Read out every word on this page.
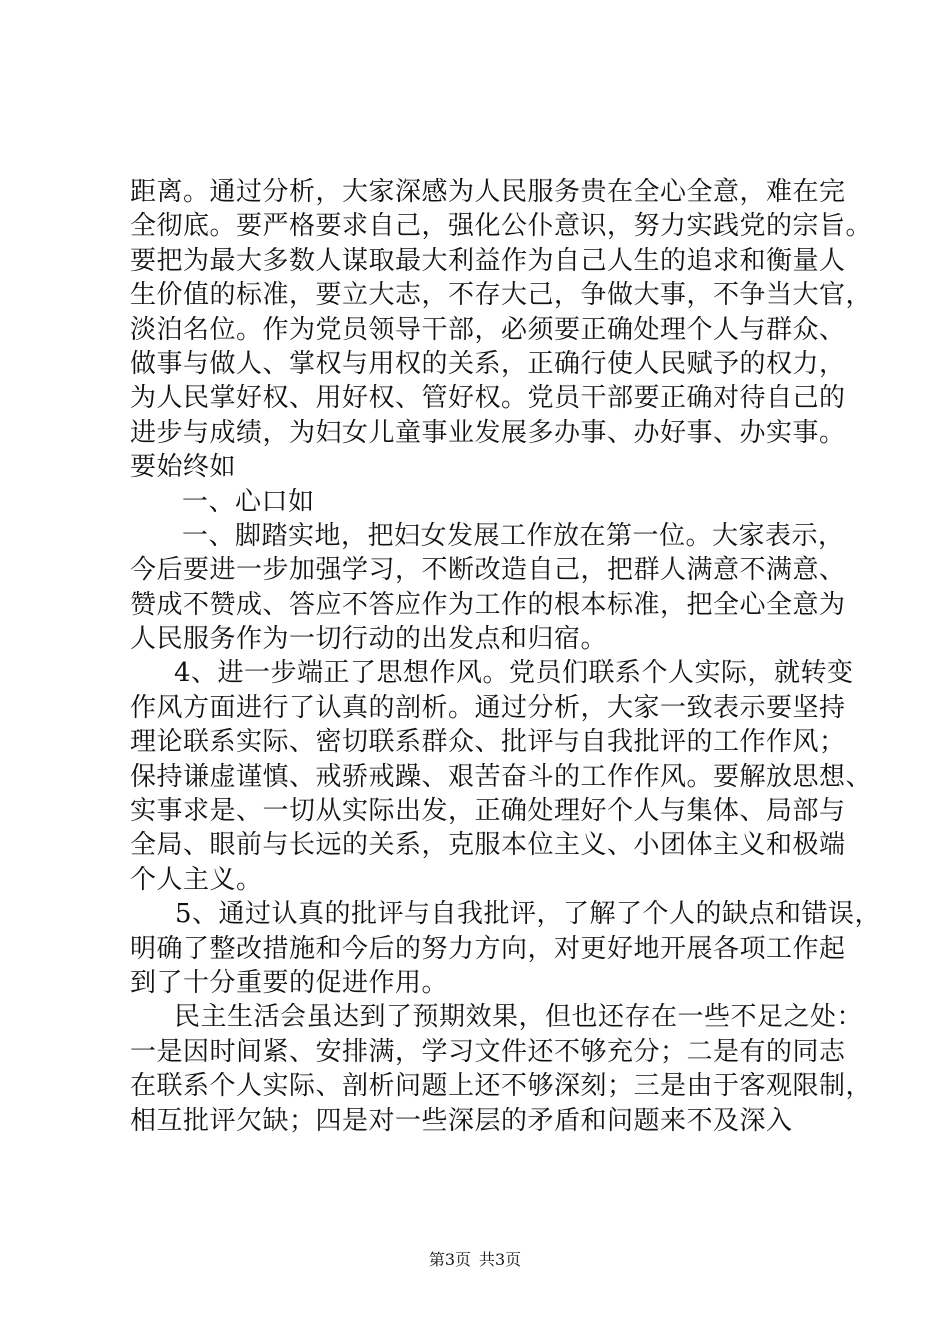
距离。通过分析，大家深感为人民服务贵在全心全意，难在完
全彻底。要严格要求自己，强化公仆意识，努力实践党的宗旨。
要把为最大多数人谋取最大利益作为自己人生的追求和衡量人
生价值的标准，要立大志，不存大己，争做大事，不争当大官，
淡泊名位。作为党员领导干部，必须要正确处理个人与群众、
做事与做人、掌权与用权的关系，正确行使人民赋予的权力，
为人民掌好权、用好权、管好权。党员干部要正确对待自己的
进步与成绩，为妇女儿童事业发展多办事、办好事、办实事。
要始终如
一、心口如
一、脚踏实地，把妇女发展工作放在第一位。大家表示，
今后要进一步加强学习，不断改造自己，把群人满意不满意、
赞成不赞成、答应不答应作为工作的根本标准，把全心全意为
人民服务作为一切行动的出发点和归宿。
4、进一步端正了思想作风。党员们联系个人实际，就转变
作风方面进行了认真的剖析。通过分析，大家一致表示要坚持
理论联系实际、密切联系群众、批评与自我批评的工作作风；
保持谦虚谨慎、戒骄戒躁、艰苦奋斗的工作作风。要解放思想、
实事求是、一切从实际出发，正确处理好个人与集体、局部与
全局、眼前与长远的关系，克服本位主义、小团体主义和极端
个人主义。
5、通过认真的批评与自我批评，了解了个人的缺点和错误，
明确了整改措施和今后的努力方向，对更好地开展各项工作起
到了十分重要的促进作用。
民主生活会虽达到了预期效果，但也还存在一些不足之处：
一是因时间紧、安排满，学习文件还不够充分；二是有的同志
在联系个人实际、剖析问题上还不够深刻；三是由于客观限制，
相互批评欠缺；四是对一些深层的矛盾和问题来不及深入
第3页 共3页
